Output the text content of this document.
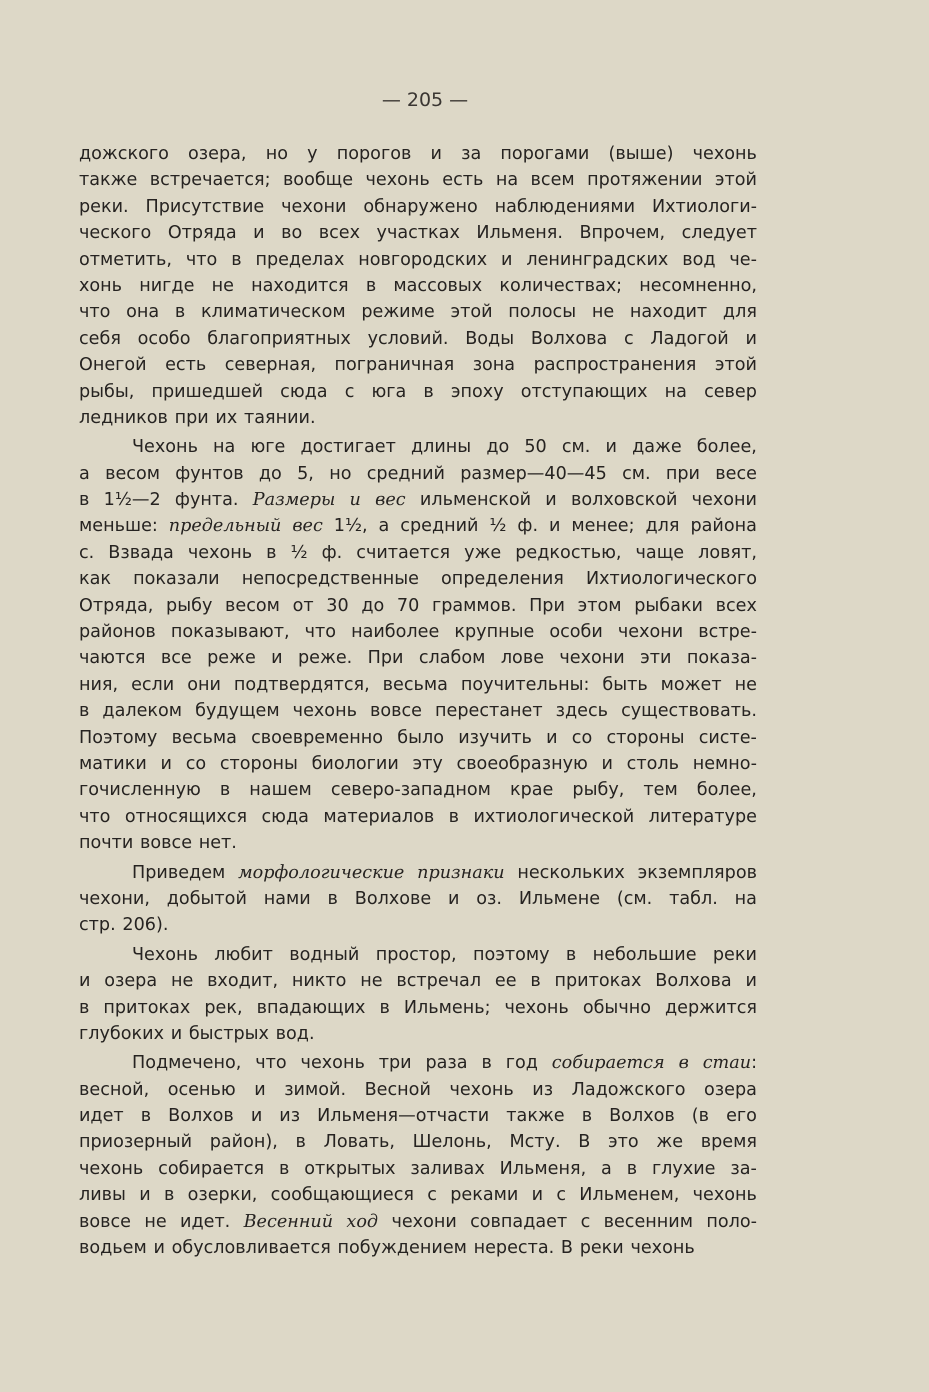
— 205 —
дожского озера, но у порогов и за порогами (выше) чехонь
также встречается; вообще чехонь есть на всем протяжении этой
реки. Присутствие чехони обнаружено наблюдениями Ихтиологи-
ческого Отряда и во всех участках Ильменя. Впрочем, следует
отметить, что в пределах новгородских и ленинградских вод че-
хонь нигде не находится в массовых количествах; несомненно,
что она в климатическом режиме этой полосы не находит для
себя особо благоприятных условий. Воды Волхова с Ладогой и
Онегой есть северная, пограничная зона распространения этой
рыбы, пришедшей сюда с юга в эпоху отступающих на север
ледников при их таянии.
Чехонь на юге достигает длины до 50 см. и даже более,
а весом фунтов до 5, но средний размер—40—45 см. при весе
в 1½—2 фунта. Размеры и вес ильменской и волховской чехони
меньше: предельный вес 1½, а средний ½ ф. и менее; для района
с. Взвада чехонь в ½ ф. считается уже редкостью, чаще ловят,
как показали непосредственные определения Ихтиологического
Отряда, рыбу весом от 30 до 70 граммов. При этом рыбаки всех
районов показывают, что наиболее крупные особи чехони встре-
чаются все реже и реже. При слабом лове чехони эти показа-
ния, если они подтвердятся, весьма поучительны: быть может не
в далеком будущем чехонь вовсе перестанет здесь существовать.
Поэтому весьма своевременно было изучить и со стороны систе-
матики и со стороны биологии эту своеобразную и столь немно-
гочисленную в нашем северо-западном крае рыбу, тем более,
что относящихся сюда материалов в ихтиологической литературе
почти вовсе нет.
Приведем морфологические признаки нескольких экземпляров
чехони, добытой нами в Волхове и оз. Ильмене (см. табл. на
стр. 206).
Чехонь любит водный простор, поэтому в небольшие реки
и озера не входит, никто не встречал ее в притоках Волхова и
в притоках рек, впадающих в Ильмень; чехонь обычно держится
глубоких и быстрых вод.
Подмечено, что чехонь три раза в год собирается в стаи:
весной, осенью и зимой. Весной чехонь из Ладожского озера
идет в Волхов и из Ильменя—отчасти также в Волхов (в его
приозерный район), в Ловать, Шелонь, Мсту. В это же время
чехонь собирается в открытых заливах Ильменя, а в глухие за-
ливы и в озерки, сообщающиеся с реками и с Ильменем, чехонь
вовсе не идет. Весенний ход чехони совпадает с весенним поло-
водьем и обусловливается побуждением нереста. В реки чехонь
